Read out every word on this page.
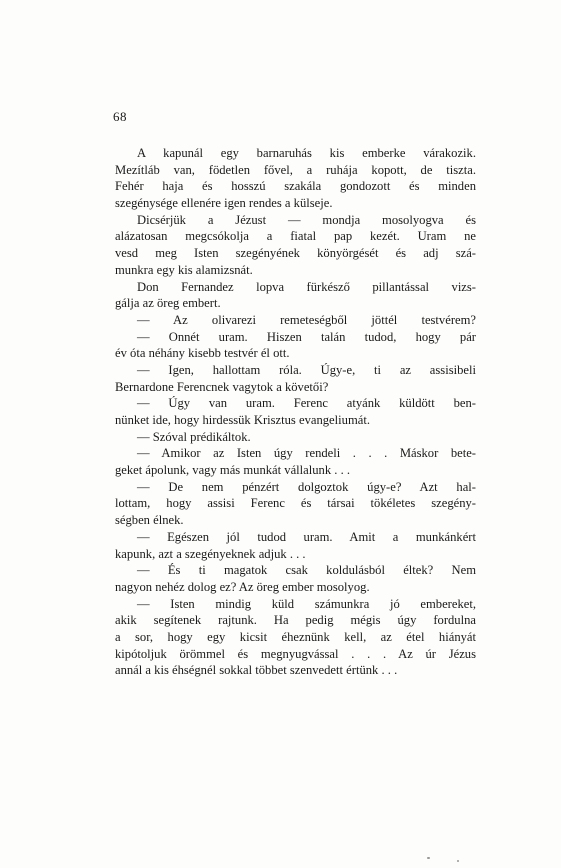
68
A kapunál egy barnaruhás kis emberke várakozik.
Mezítláb van, födetlen fővel, a ruhája kopott, de tiszta.
Fehér haja és hosszú szakála gondozott és minden
szegénysége ellenére igen rendes a külseje.
Dicsérjük a Jézust — mondja mosolyogva és
alázatosan megcsókolja a fiatal pap kezét. Uram ne
vesd meg Isten szegényének könyörgését és adj szá-
munkra egy kis alamizsnát.
Don Fernandez lopva fürkésző pillantással vizs-
gálja az öreg embert.
— Az olivarezi remeteségből jöttél testvérem?
— Onnét uram. Hiszen talán tudod, hogy pár
év óta néhány kisebb testvér él ott.
— Igen, hallottam róla. Úgy-e, ti az assisibeli
Bernardone Ferencnek vagytok a követői?
— Úgy van uram. Ferenc atyánk küldött ben-
nünket ide, hogy hirdessük Krisztus evangeliumát.
— Szóval prédikáltok.
— Amikor az Isten úgy rendeli . . . Máskor bete-
geket ápolunk, vagy más munkát vállalunk . . .
— De nem pénzért dolgoztok úgy-e? Azt hal-
lottam, hogy assisi Ferenc és társai tökéletes szegény-
ségben élnek.
— Egészen jól tudod uram. Amit a munkánkért
kapunk, azt a szegényeknek adjuk . . .
— És ti magatok csak koldulásból éltek? Nem
nagyon nehéz dolog ez? Az öreg ember mosolyog.
— Isten mindig küld számunkra jó embereket,
akik segítenek rajtunk. Ha pedig mégis úgy fordulna
a sor, hogy egy kicsit éheznünk kell, az étel hiányát
kipótoljuk örömmel és megnyugvással . . . Az úr Jézus
annál a kis éhségnél sokkal többet szenvedett értünk . . .
